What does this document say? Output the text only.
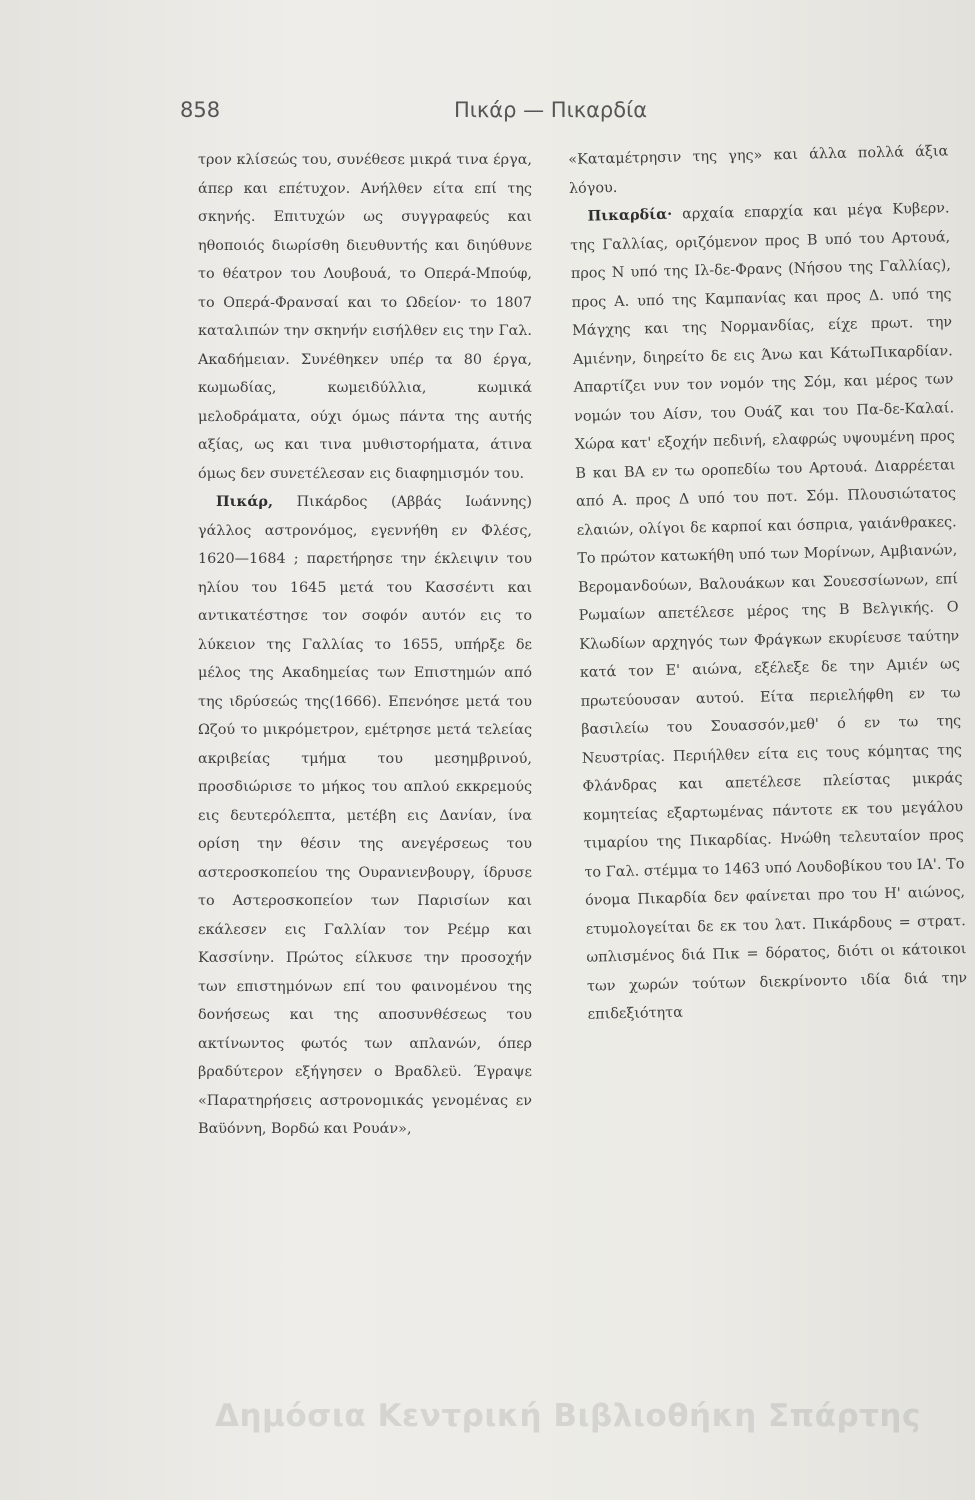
858	Πικάρ — Πικαρδία

τρον κλίσεώς του, συνέθεσε μικρά τινα έργα, άπερ και επέτυχον. Ανήλθεν είτα επί της σκηνής. Επιτυχών ως συγγραφεύς και ηθοποιός διωρίσθη διευθυντής και διηύθυνε το θέατρον του Λουβουά, το Οπερά-Μπούφ, το Οπερά-Φρανσαί και το Ωδείον· το 1807 καταλιπών την σκηνήν εισήλθεν εις την Γαλ. Ακαδήμειαν. Συνέθηκεν υπέρ τα 80 έργα, κωμωδίας, κωμειδύλλια, κωμικά μελοδράματα, ούχι όμως πάντα της αυτής αξίας, ως και τινα μυθιστορήματα, άτινα όμως δεν συνετέλεσαν εις διαφημισμόν του.

Πικάρ, Πικάρδος (Αββάς Ιωάννης) γάλλος αστρονόμος, εγεννήθη εν Φλέσς, 1620—1684 ; παρετήρησε την έκλειψιν του ηλίου του 1645 μετά του Κασσέντι και αντικατέστησε τον σοφόν αυτόν εις το λύκειον της Γαλλίας το 1655, υπήρξε δε μέλος της Ακαδημείας των Επιστημών από της ιδρύσεώς της(1666). Επενόησε μετά του Ωζού το μικρόμετρον, εμέτρησε μετά τελείας ακριβείας τμήμα του μεσημβρινού, προσδιώρισε το μήκος του απλού εκκρεμούς εις δευτερόλεπτα, μετέβη εις Δανίαν, ίνα ορίση την θέσιν της ανεγέρσεως του αστεροσκοπείου της Ουρανιενβουργ, ίδρυσε το Αστεροσκοπείον των Παρισίων και εκάλεσεν εις Γαλλίαν τον Ρεέμρ και Κασσίνην. Πρώτος είλκυσε την προσοχήν των επιστημόνων επί του φαινομένου της δονήσεως και της αποσυνθέσεως του ακτίνωντος φωτός των απλανών, όπερ βραδύτερον εξήγησεν ο Βραδλεϋ. Έγραψε «Παρατηρήσεις αστρονομικάς γενομένας εν Βαϋόννη, Βορδώ και Ρουάν»,

«Καταμέτρησιν της γης» και άλλα πολλά άξια λόγου.

Πικαρδία· αρχαία επαρχία και μέγα Κυβερν. της Γαλλίας, οριζόμενον προς Β υπό του Αρτουά, προς Ν υπό της Ιλ-δε-Φρανς (Νήσου της Γαλλίας), προς Α. υπό της Καμπανίας και προς Δ. υπό της Μάγχης και της Νορμανδίας, είχε πρωτ. την Αμιένην, διηρείτο δε εις Άνω και ΚάτωΠικαρδίαν. Απαρτίζει νυν τον νομόν της Σόμ, και μέρος των νομών του Αίσν, του Ουάζ και του Πα-δε-Καλαί. Χώρα κατ' εξοχήν πεδινή, ελαφρώς υψουμένη προς Β και ΒΑ εν τω οροπεδίω του Αρτουά. Διαρρέεται από Α. προς Δ υπό του ποτ. Σόμ. Πλουσιώτατος ελαιών, ολίγοι δε καρποί και όσπρια, γαιάνθρακες. Το πρώτον κατωκήθη υπό των Μορίνων, Αμβιανών, Βερομανδούων, Βαλουάκων και Σουεσσίωνων, επί Ρωμαίων απετέλεσε μέρος της Β Βελγικής. Ο Κλωδίων αρχηγός των Φράγκων εκυρίευσε ταύτην κατά τον Ε' αιώνα, εξέλεξε δε την Αμιέν ως πρωτεύουσαν αυτού. Είτα περιελήφθη εν τω βασιλείω του Σουασσόν,μεθ' ό εν τω της Νευστρίας. Περιήλθεν είτα εις τους κόμητας της Φλάνδρας και απετέλεσε πλείστας μικράς κομητείας εξαρτωμένας πάντοτε εκ του μεγάλου τιμαρίου της Πικαρδίας. Ηνώθη τελευταίον προς το Γαλ. στέμμα το 1463 υπό Λουδοβίκου του ΙΑ'. Το όνομα Πικαρδία δεν φαίνεται προ του Η' αιώνος, ετυμολογείται δε εκ του λατ. Πικάρδους = στρατ. ωπλισμένος διά Πικ = δόρατος, διότι οι κάτοικοι των χωρών τούτων διεκρίνοντο ιδία διά την επιδεξιότητα

Δημόσια Κεντρική Βιβλιοθήκη Σπάρτης
